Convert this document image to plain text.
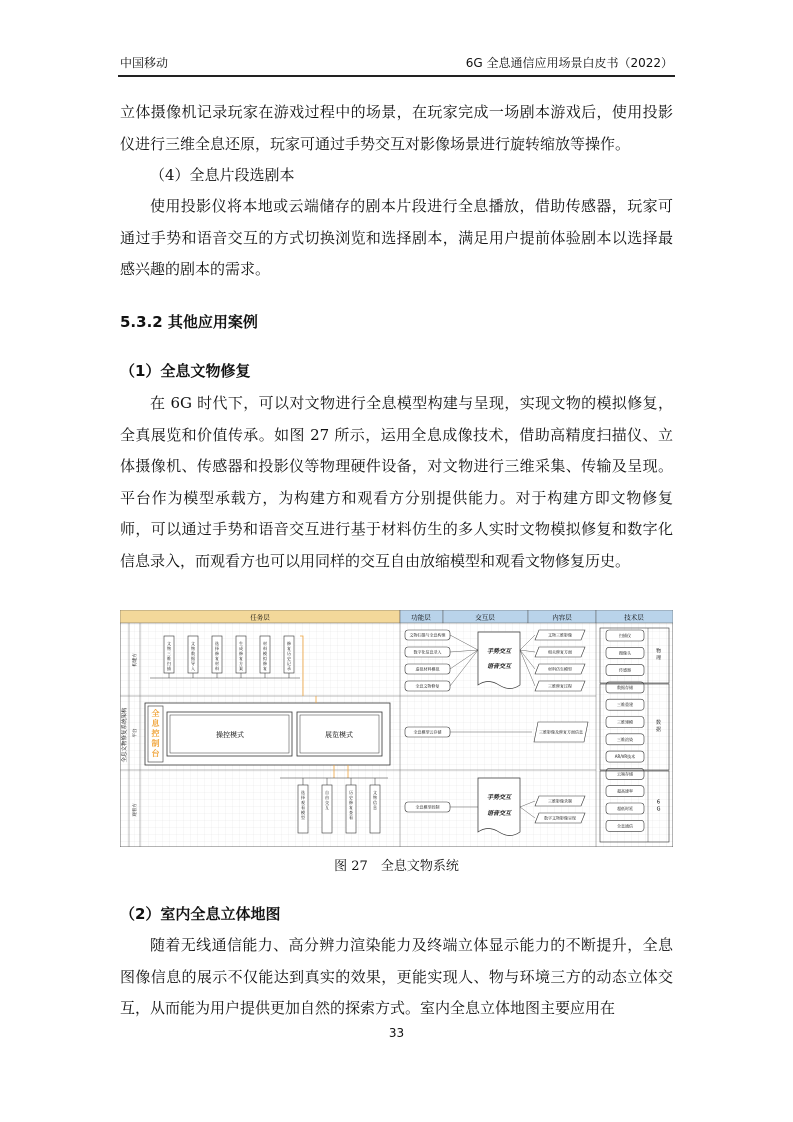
中国移动	6G 全息通信应用场景白皮书（2022）

立体摄像机记录玩家在游戏过程中的场景，在玩家完成一场剧本游戏后，使用投影仪进行三维全息还原，玩家可通过手势交互对影像场景进行旋转缩放等操作。

（4）全息片段选剧本

使用投影仪将本地或云端储存的剧本片段进行全息播放，借助传感器，玩家可通过手势和语音交互的方式切换浏览和选择剧本，满足用户提前体验剧本以选择最感兴趣的剧本的需求。

5.3.2 其他应用案例
（1）全息文物修复

在 6G 时代下，可以对文物进行全息模型构建与呈现，实现文物的模拟修复，全真展览和价值传承。如图 27 所示，运用全息成像技术，借助高精度扫描仪、立体摄像机、传感器和投影仪等物理硬件设备，对文物进行三维采集、传输及呈现。平台作为模型承载方，为构建方和观看方分别提供能力。对于构建方即文物修复师，可以通过手势和语音交互进行基于材料仿生的多人实时文物模拟修复和数字化信息录入，而观看方也可以用同样的交互自由放缩模型和观看文物修复历史。

任务层	功能层	交互层	内容层	技术层
全息文物修复系统架构
构建方
平台
观看方
文物三维扫描
文物数据导入
选择修复材料
生成修复方案
材料模拟修复
修复历史记录
全息控制台
操控模式	展览模式
选择观看模型
自由交互
历史修复查看
文物信息
文物扫描与全息构建
数字化信息录入
虚拟材料模拟
全息文物修复
全息模型云存储
全息模型控制
手势交互
语音交互
手势交互
语音交互
文物三维影像
相关修复方面
材料仿生模型
三维修复过程
三维影像及修复方面信息
三维影像录制
数字文物影像呈现
扫描仪
摄像头
传感器
数据存储
三维重建
三维建模
三维渲染
AR/VR技术
云端存储
超高速率
超低时延
全息通信
物理
数据
6 G
图 27　全息文物系统
（2）室内全息立体地图

随着无线通信能力、高分辨力渲染能力及终端立体显示能力的不断提升，全息图像信息的展示不仅能达到真实的效果，更能实现人、物与环境三方的动态立体交互，从而能为用户提供更加自然的探索方式。室内全息立体地图主要应用在

33
